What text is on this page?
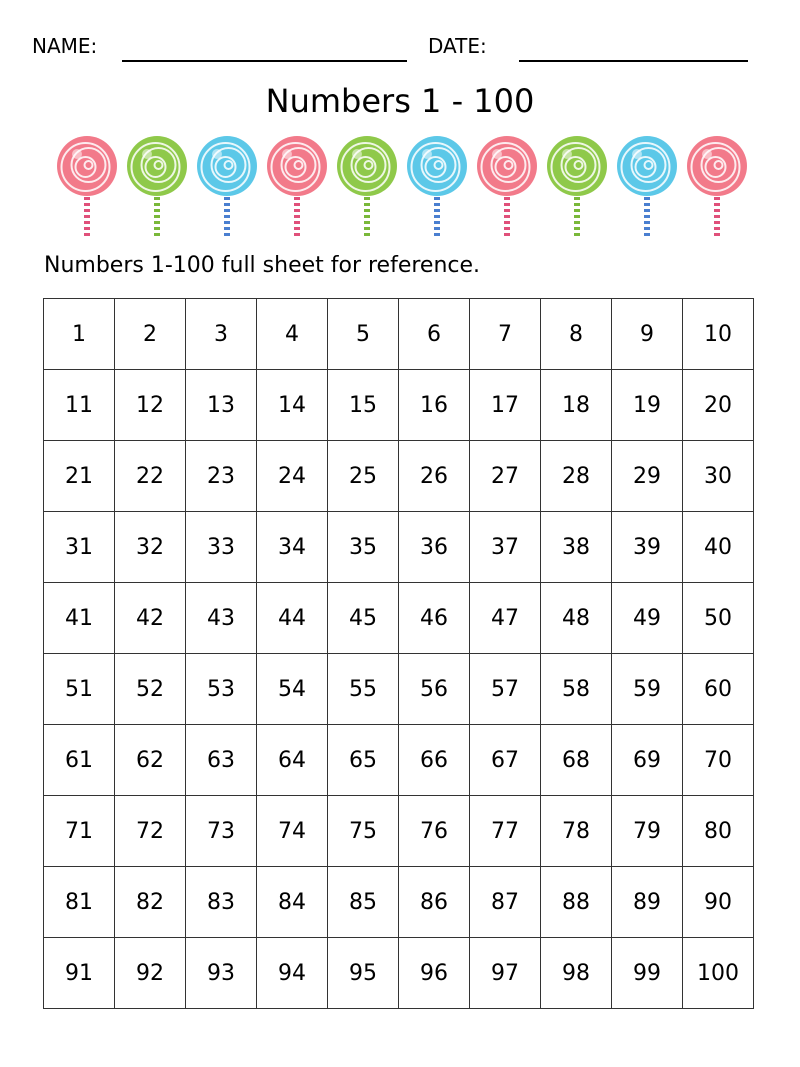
NAME:	DATE:
Numbers 1 - 100
Numbers 1-100 full sheet for reference.
1	2	3	4	5	6	7	8	9	10
11	12	13	14	15	16	17	18	19	20
21	22	23	24	25	26	27	28	29	30
31	32	33	34	35	36	37	38	39	40
41	42	43	44	45	46	47	48	49	50
51	52	53	54	55	56	57	58	59	60
61	62	63	64	65	66	67	68	69	70
71	72	73	74	75	76	77	78	79	80
81	82	83	84	85	86	87	88	89	90
91	92	93	94	95	96	97	98	99	100
